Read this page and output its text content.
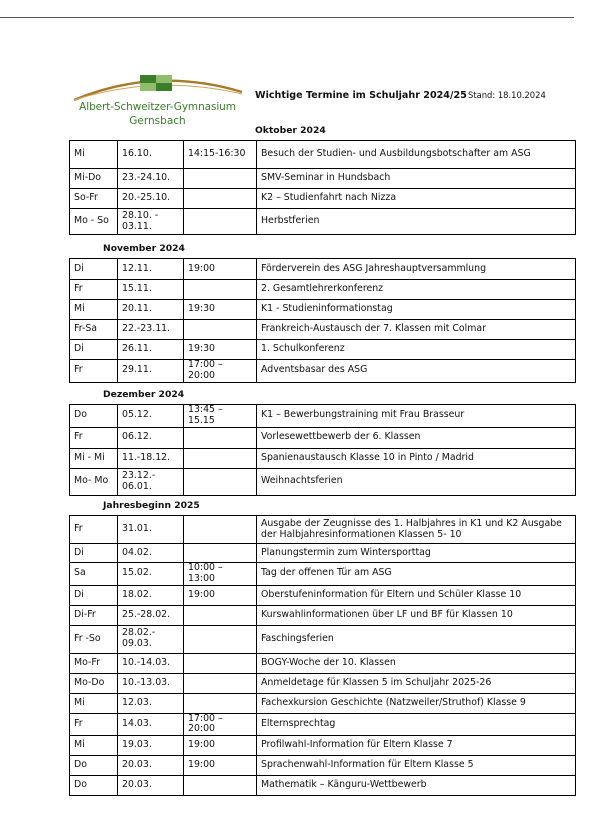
Albert-Schweitzer-Gymnasium
Gernsbach
Wichtige Termine im Schuljahr 2024/25 Stand: 18.10.2024
Oktober 2024
Mi	16.10.	14:15-16:30	Besuch der Studien- und Ausbildungsbotschafter am ASG
Mi-Do	23.-24.10.		SMV-Seminar in Hundsbach
So-Fr	20.-25.10.		K2 – Studienfahrt nach Nizza
Mo - So	28.10. - 03.11.		Herbstferien
November 2024
Di	12.11.	19:00	Förderverein des ASG Jahreshauptversammlung
Fr	15.11.		2. Gesamtlehrerkonferenz
Mi	20.11.	19:30	K1 - Studieninformationstag
Fr-Sa	22.-23.11.		Frankreich-Austausch der 7. Klassen mit Colmar
Di	26.11.	19:30	1. Schulkonferenz
Fr	29.11.	17:00 – 20:00	Adventsbasar des ASG
Dezember 2024
Do	05.12.	13:45 – 15.15	K1 – Bewerbungstraining mit Frau Brasseur
Fr	06.12.		Vorlesewettbewerb der 6. Klassen
Mi - Mi	11.-18.12.		Spanienaustausch Klasse 10 in Pinto / Madrid
Mo- Mo	23.12.- 06.01.		Weihnachtsferien
Jahresbeginn 2025
Fr	31.01.		Ausgabe der Zeugnisse des 1. Halbjahres in K1 und K2 Ausgabe der Halbjahresinformationen Klassen 5- 10
Di	04.02.		Planungstermin zum Wintersporttag
Sa	15.02.	10:00 – 13:00	Tag der offenen Tür am ASG
Di	18.02.	19:00	Oberstufeninformation für Eltern und Schüler Klasse 10
Di-Fr	25.-28.02.		Kurswahlinformationen über LF und BF für Klassen 10
Fr -So	28.02.- 09.03.		Faschingsferien
Mo-Fr	10.-14.03.		BOGY-Woche der 10. Klassen
Mo-Do	10.-13.03.		Anmeldetage für Klassen 5 im Schuljahr 2025-26
Mi	12.03.		Fachexkursion Geschichte (Natzweiler/Struthof) Klasse 9
Fr	14.03.	17:00 – 20:00	Elternsprechtag
Mi	19.03.	19:00	Profilwahl-Information für Eltern Klasse 7
Do	20.03.	19:00	Sprachenwahl-Information für Eltern Klasse 5
Do	20.03.		Mathematik – Känguru-Wettbewerb
